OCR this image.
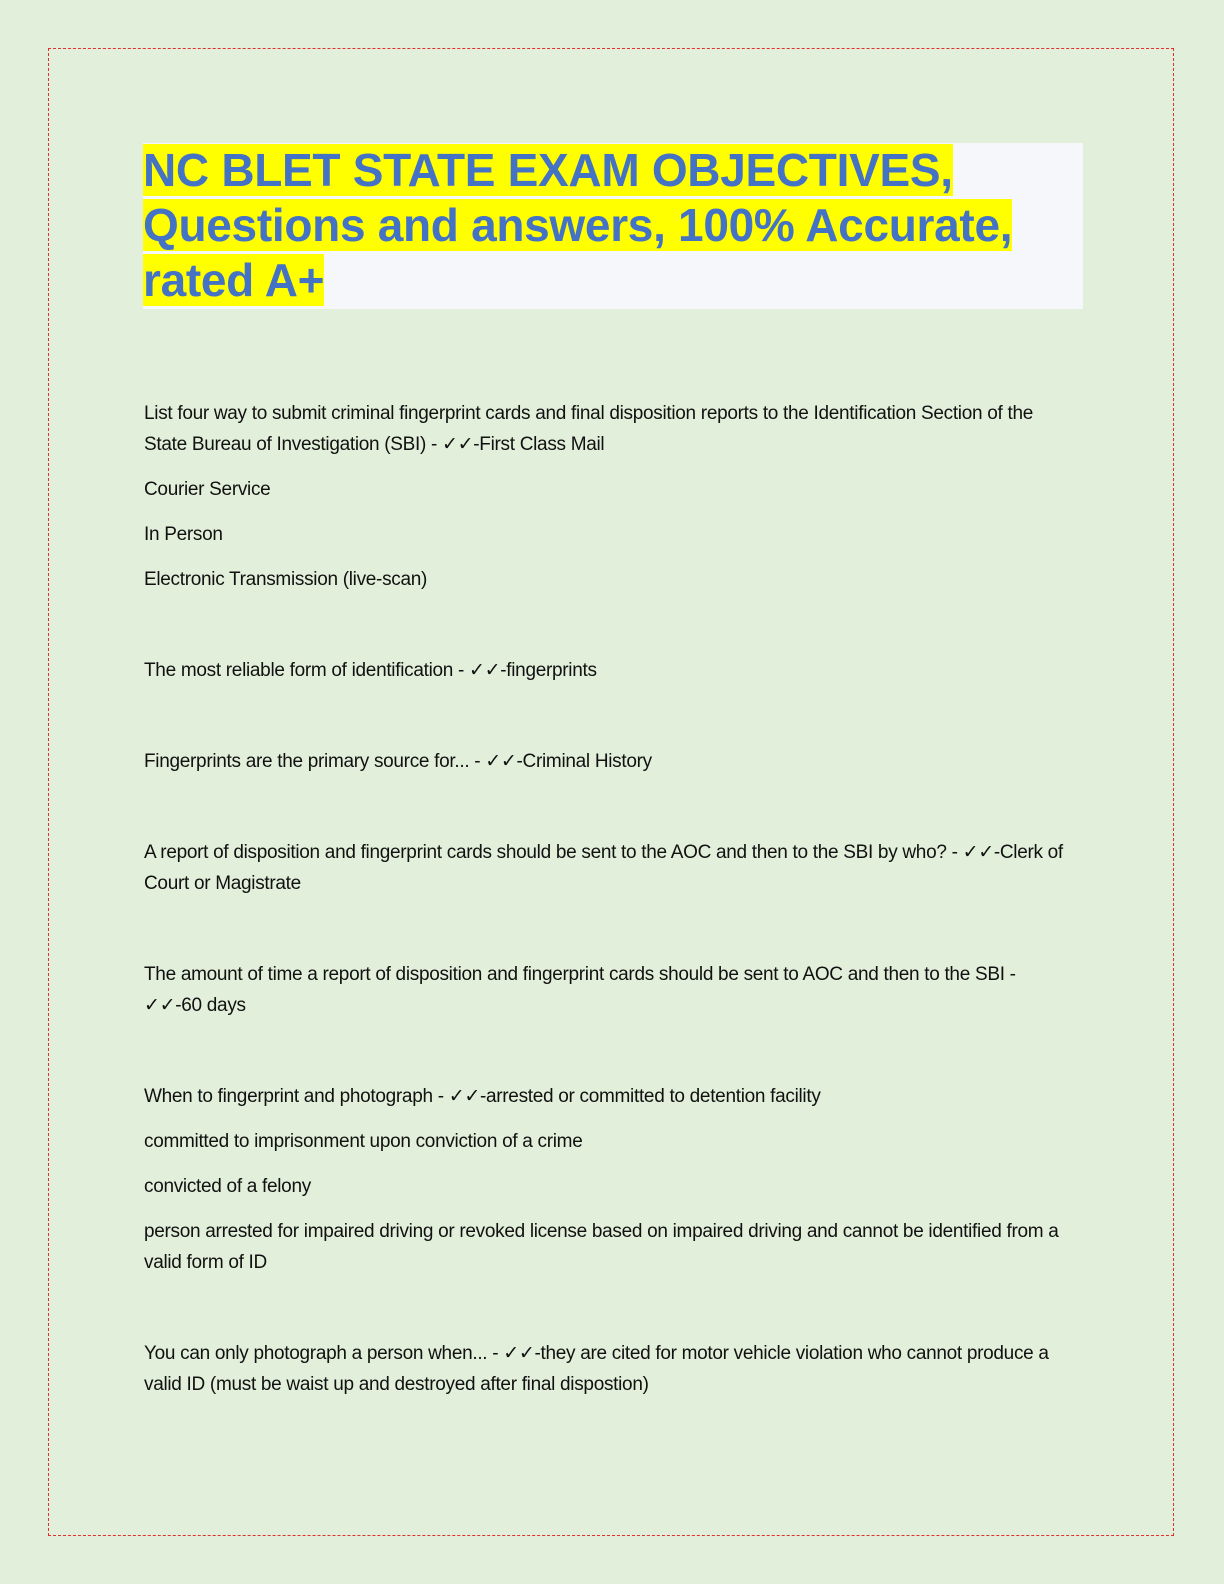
NC BLET STATE EXAM OBJECTIVES, Questions and answers, 100% Accurate, rated A+

List four way to submit criminal fingerprint cards and final disposition reports to the Identification Section of the State Bureau of Investigation (SBI) - ✓✓-First Class Mail

Courier Service

In Person

Electronic Transmission (live-scan)

The most reliable form of identification - ✓✓-fingerprints

Fingerprints are the primary source for... - ✓✓-Criminal History

A report of disposition and fingerprint cards should be sent to the AOC and then to the SBI by who? - ✓✓-Clerk of Court or Magistrate

The amount of time a report of disposition and fingerprint cards should be sent to AOC and then to the SBI - ✓✓-60 days

When to fingerprint and photograph - ✓✓-arrested or committed to detention facility

committed to imprisonment upon conviction of a crime

convicted of a felony

person arrested for impaired driving or revoked license based on impaired driving and cannot be identified from a valid form of ID

You can only photograph a person when... - ✓✓-they are cited for motor vehicle violation who cannot produce a valid ID (must be waist up and destroyed after final dispostion)
